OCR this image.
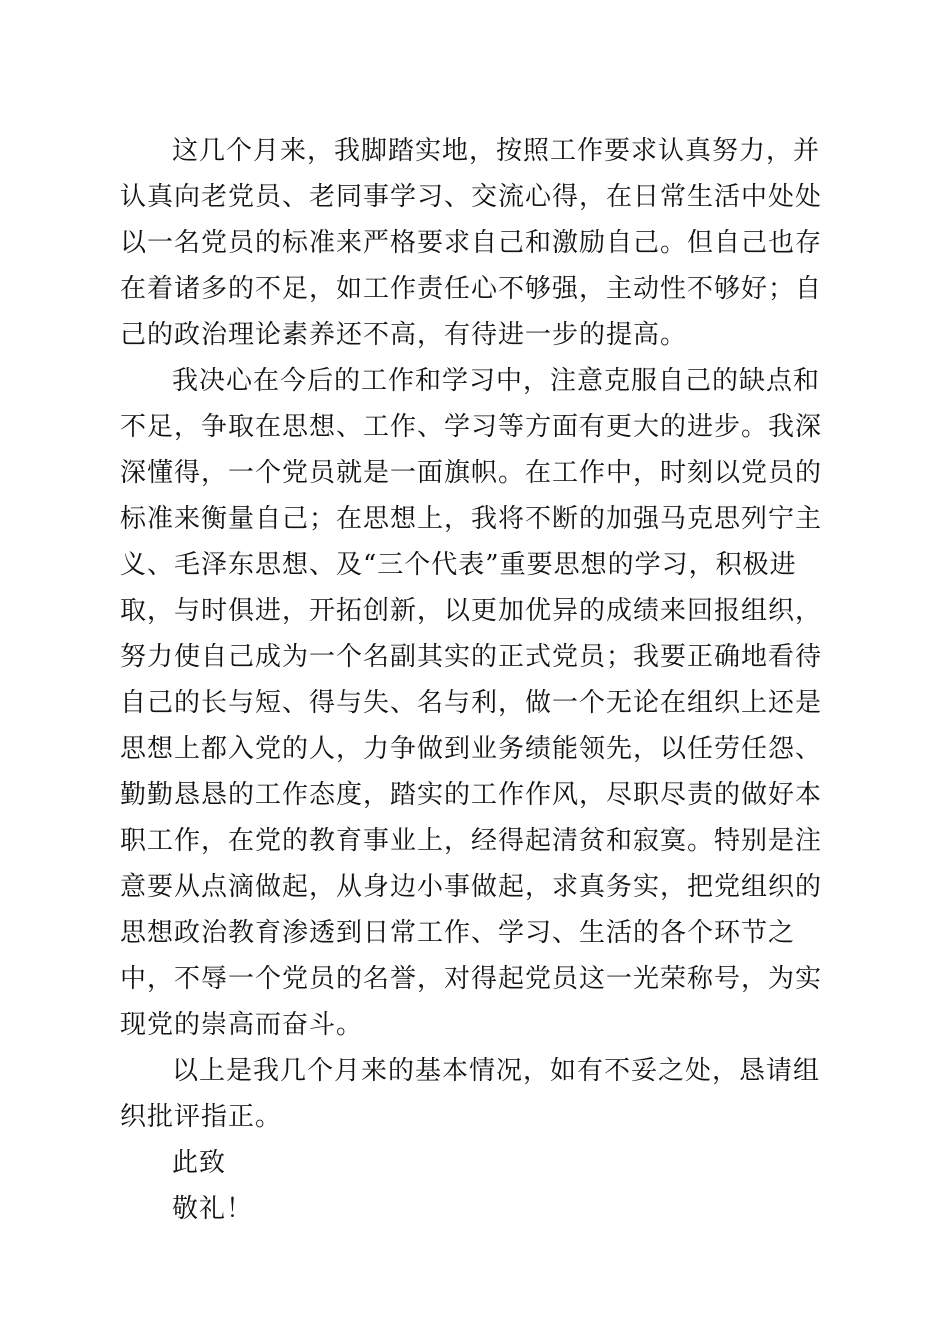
这几个月来，我脚踏实地，按照工作要求认真努力，并认真向老党员、老同事学习、交流心得，在日常生活中处处以一名党员的标准来严格要求自己和激励自己。但自己也存在着诸多的不足，如工作责任心不够强，主动性不够好；自己的政治理论素养还不高，有待进一步的提高。

我决心在今后的工作和学习中，注意克服自己的缺点和不足，争取在思想、工作、学习等方面有更大的进步。我深深懂得，一个党员就是一面旗帜。在工作中，时刻以党员的标准来衡量自己；在思想上，我将不断的加强马克思列宁主义、毛泽东思想、及“三个代表”重要思想的学习，积极进取，与时俱进，开拓创新，以更加优异的成绩来回报组织，努力使自己成为一个名副其实的正式党员；我要正确地看待自己的长与短、得与失、名与利，做一个无论在组织上还是思想上都入党的人，力争做到业务绩能领先，以任劳任怨、勤勤恳恳的工作态度，踏实的工作作风，尽职尽责的做好本职工作，在党的教育事业上，经得起清贫和寂寞。特别是注意要从点滴做起，从身边小事做起，求真务实，把党组织的思想政治教育渗透到日常工作、学习、生活的各个环节之中，不辱一个党员的名誉，对得起党员这一光荣称号，为实现党的崇高而奋斗。

以上是我几个月来的基本情况，如有不妥之处，恳请组织批评指正。

此致

敬礼！
